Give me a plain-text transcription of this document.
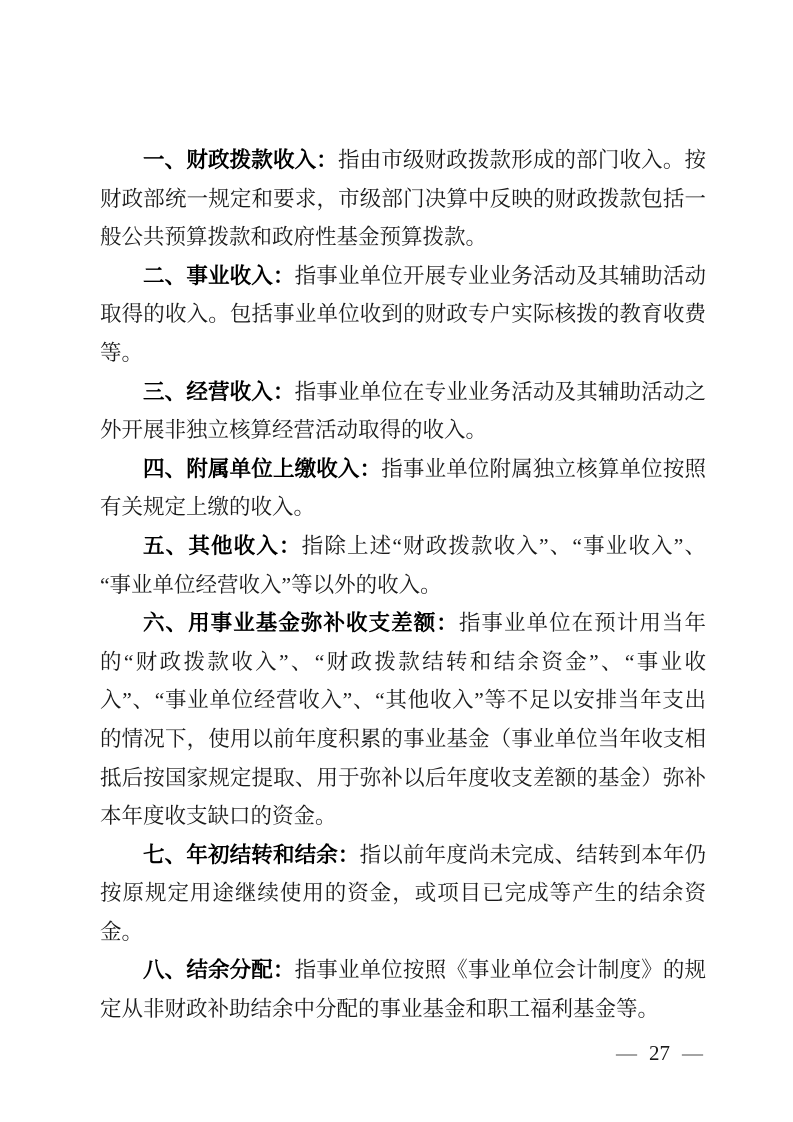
一、财政拨款收入：指由市级财政拨款形成的部门收入。按财政部统一规定和要求，市级部门决算中反映的财政拨款包括一般公共预算拨款和政府性基金预算拨款。

二、事业收入：指事业单位开展专业业务活动及其辅助活动取得的收入。包括事业单位收到的财政专户实际核拨的教育收费等。

三、经营收入：指事业单位在专业业务活动及其辅助活动之外开展非独立核算经营活动取得的收入。

四、附属单位上缴收入：指事业单位附属独立核算单位按照有关规定上缴的收入。

五、其他收入：指除上述“财政拨款收入”、“事业收入”、 “事业单位经营收入”等以外的收入。

六、用事业基金弥补收支差额：指事业单位在预计用当年的“财政拨款收入”、“财政拨款结转和结余资金”、“事业收入”、“事业单位经营收入”、“其他收入”等不足以安排当年支出的情况下，使用以前年度积累的事业基金（事业单位当年收支相抵后按国家规定提取、用于弥补以后年度收支差额的基金）弥补本年度收支缺口的资金。

七、年初结转和结余：指以前年度尚未完成、结转到本年仍按原规定用途继续使用的资金，或项目已完成等产生的结余资金。

八、结余分配：指事业单位按照《事业单位会计制度》的规定从非财政补助结余中分配的事业基金和职工福利基金等。

— 27 —
